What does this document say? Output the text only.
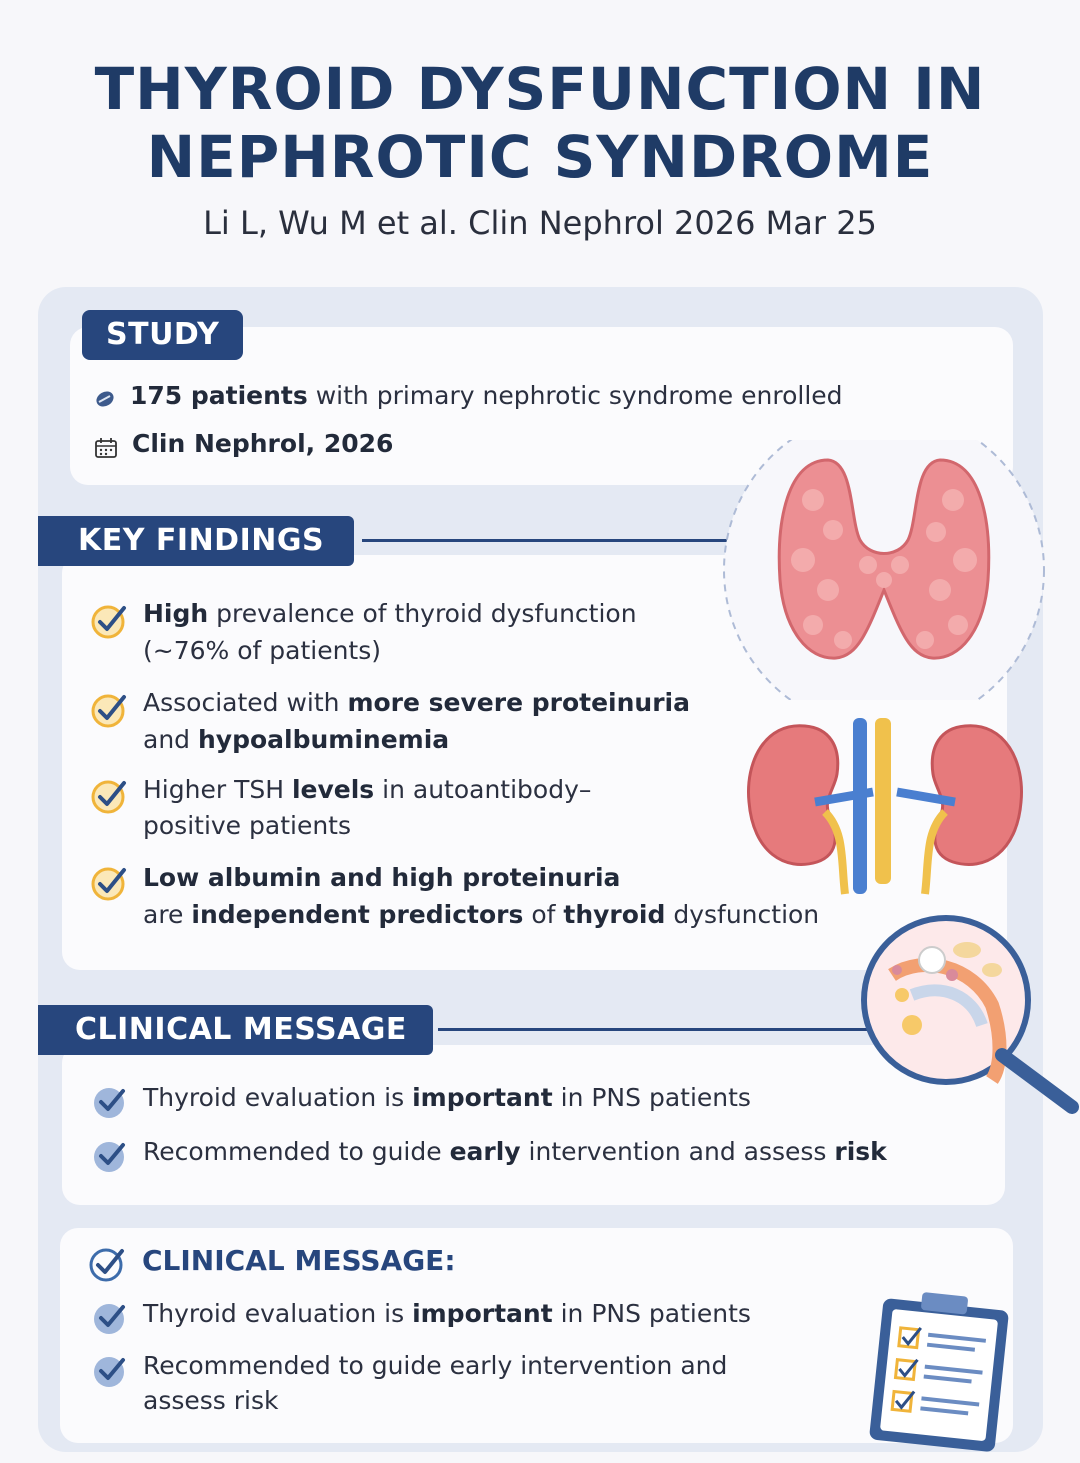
THYROID DYSFUNCTION IN
NEPHROTIC SYNDROME
Li L, Wu M et al. Clin Nephrol 2026 Mar 25
STUDY
175 patients with primary nephrotic syndrome enrolled
Clin Nephrol, 2026
KEY FINDINGS
High prevalence of thyroid dysfunction
(~76% of patients)
Associated with more severe proteinuria
and hypoalbuminemia
Higher TSH levels in autoantibody–
positive patients
Low albumin and high proteinuria
are independent predictors of thyroid dysfunction
CLINICAL MESSAGE
Thyroid evaluation is important in PNS patients
Recommended to guide early intervention and assess risk
CLINICAL MESSAGE:
Thyroid evaluation is important in PNS patients
Recommended to guide early intervention and
assess risk
